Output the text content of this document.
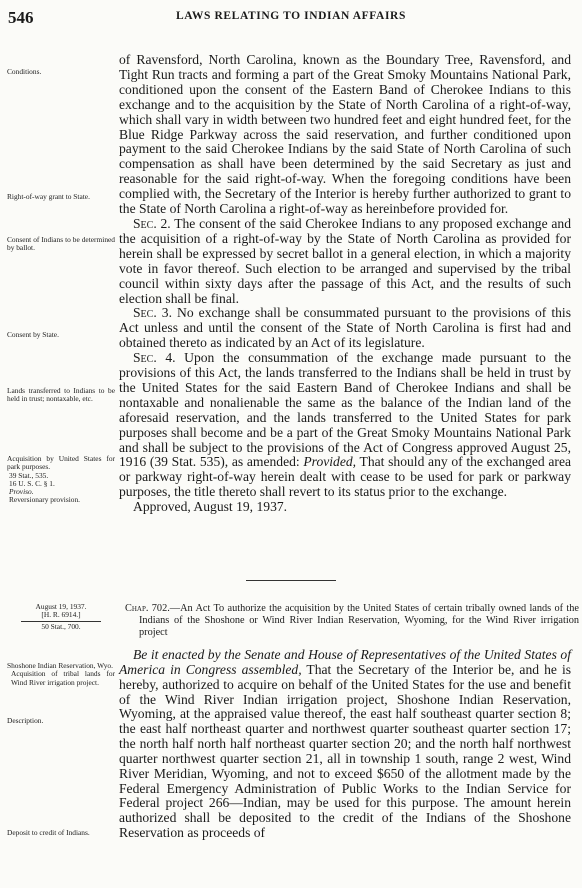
546	LAWS RELATING TO INDIAN AFFAIRS
Conditions.
Right-of-way grant to State.
Consent of Indians to be determined by ballot.
Consent by State.
Lands transferred to Indians to be held in trust; nontaxable, etc.
Acquisition by United States for park purposes.
39 Stat., 535.
16 U. S. C. § 1.
Proviso.
Reversionary provision.
August 19, 1937.
[H. R. 6914.]
50 Stat., 700.
Shoshone Indian Reservation, Wyo.
Acquisition of tribal lands for Wind River irrigation project.
Description.
Deposit to credit of Indians.

of Ravensford, North Carolina, known as the Boundary Tree, Ravensford, and Tight Run tracts and forming a part of the Great Smoky Mountains National Park, conditioned upon the consent of the Eastern Band of Cherokee Indians to this exchange and to the acquisition by the State of North Carolina of a right-of-way, which shall vary in width between two hundred feet and eight hundred feet, for the Blue Ridge Parkway across the said reservation, and further conditioned upon payment to the said Cherokee Indians by the said State of North Carolina of such compensation as shall have been determined by the said Secretary as just and reasonable for the said right-of-way. When the foregoing conditions have been complied with, the Secretary of the Interior is hereby further authorized to grant to the State of North Carolina a right-of-way as hereinbefore provided for.

Sec. 2. The consent of the said Cherokee Indians to any proposed exchange and the acquisition of a right-of-way by the State of North Carolina as provided for herein shall be expressed by secret ballot in a general election, in which a majority vote in favor thereof. Such election to be arranged and supervised by the tribal council within sixty days after the passage of this Act, and the results of such election shall be final.

Sec. 3. No exchange shall be consummated pursuant to the provisions of this Act unless and until the consent of the State of North Carolina is first had and obtained thereto as indicated by an Act of its legislature.

Sec. 4. Upon the consummation of the exchange made pursuant to the provisions of this Act, the lands transferred to the Indians shall be held in trust by the United States for the said Eastern Band of Cherokee Indians and shall be nontaxable and nonalienable the same as the balance of the Indian land of the aforesaid reservation, and the lands transferred to the United States for park purposes shall become and be a part of the Great Smoky Mountains National Park and shall be subject to the provisions of the Act of Congress approved August 25, 1916 (39 Stat. 535), as amended: Provided, That should any of the exchanged area or parkway right-of-way herein dealt with cease to be used for park or parkway purposes, the title thereto shall revert to its status prior to the exchange.

Approved, August 19, 1937.

Chap. 702.—An Act To authorize the acquisition by the United States of certain tribally owned lands of the Indians of the Shoshone or Wind River Indian Reservation, Wyoming, for the Wind River irrigation project

Be it enacted by the Senate and House of Representatives of the United States of America in Congress assembled, That the Secretary of the Interior be, and he is hereby, authorized to acquire on behalf of the United States for the use and benefit of the Wind River Indian irrigation project, Shoshone Indian Reservation, Wyoming, at the appraised value thereof, the east half southeast quarter section 8; the east half northeast quarter and northwest quarter southeast quarter section 17; the north half north half northeast quarter section 20; and the north half northwest quarter northwest quarter section 21, all in township 1 south, range 2 west, Wind River Meridian, Wyoming, and not to exceed $650 of the allotment made by the Federal Emergency Administration of Public Works to the Indian Service for Federal project 266—Indian, may be used for this purpose. The amount herein authorized shall be deposited to the credit of the Indians of the Shoshone Reservation as proceeds of
